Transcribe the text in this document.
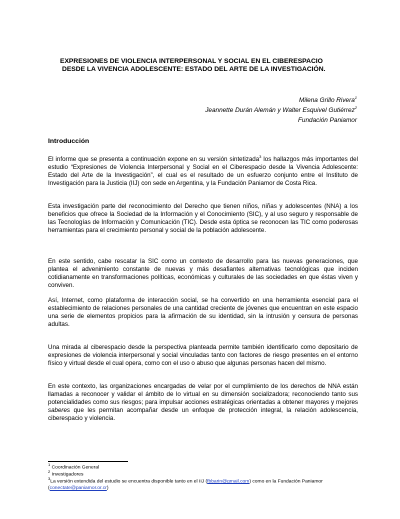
EXPRESIONES DE VIOLENCIA INTERPERSONAL Y SOCIAL EN EL CIBERESPACIO
DESDE LA VIVENCIA ADOLESCENTE: ESTADO DEL ARTE DE LA INVESTIGACIÓN.
Milena Grillo Rivera$^1$
Jeannette Durán Alemán y Walter Esquivel Gutiérrez$^2$
Fundación Paniamor
Introducción
El informe que se presenta a continuación expone en su versión sintetizada$^3$ los hallazgos más importantes del estudio “Expresiones de Violencia Interpersonal y Social en el Ciberespacio desde la Vivencia Adolescente: Estado del Arte de la Investigación”, el cual es el resultado de un esfuerzo conjunto entre el Instituto de Investigación para la Justicia (IIJ) con sede en Argentina, y la Fundación Paniamor de Costa Rica.
Esta investigación parte del reconocimiento del Derecho que tienen niños, niñas y adolescentes (NNA) a los beneficios que ofrece la Sociedad de la Información y el Conocimiento (SIC), y al uso seguro y responsable de las Tecnologías de Información y Comunicación (TIC). Desde esta óptica se reconocen las TIC como poderosas herramientas para el crecimiento personal y social de la población adolescente.
En este sentido, cabe rescatar la SIC como un contexto de desarrollo para las nuevas generaciones, que plantea el advenimiento constante de nuevas y más desafiantes alternativas tecnológicas que inciden cotidianamente en transformaciones políticas, económicas y culturales de las sociedades en que éstas viven y conviven.
Así, Internet, como plataforma de interacción social, se ha convertido en una herramienta esencial para el establecimiento de relaciones personales de una cantidad creciente de jóvenes que encuentran en este espacio una serie de elementos propicios para la afirmación de su identidad, sin la intrusión y censura de personas adultas.
Una mirada al ciberespacio desde la perspectiva planteada permite también identificarlo como depositario de expresiones de violencia interpersonal y social vinculadas tanto con factores de riesgo presentes en el entorno físico y virtual desde el cual opera, como con el uso o abuso que algunas personas hacen del mismo.
En este contexto, las organizaciones encargadas de velar por el cumplimiento de los derechos de NNA están llamadas a reconocer y validar el ámbito de lo virtual en su dimensión socializadora; reconociendo tanto sus potencialidades como sus riesgos; para impulsar acciones estratégicas orientadas a obtener mayores y mejores saberes que les permitan acompañar desde un enfoque de protección integral, la relación adolescencia, ciberespacio y violencia.
$^1$ Coordinación General
$^2$ Investigadores
$^3$La versión extendida del estudio se encuentra disponible tanto en el IIJ (fbbarin@gmail.com) como en la Fundación Paniamor (conectate@paniamor.or.cr)
